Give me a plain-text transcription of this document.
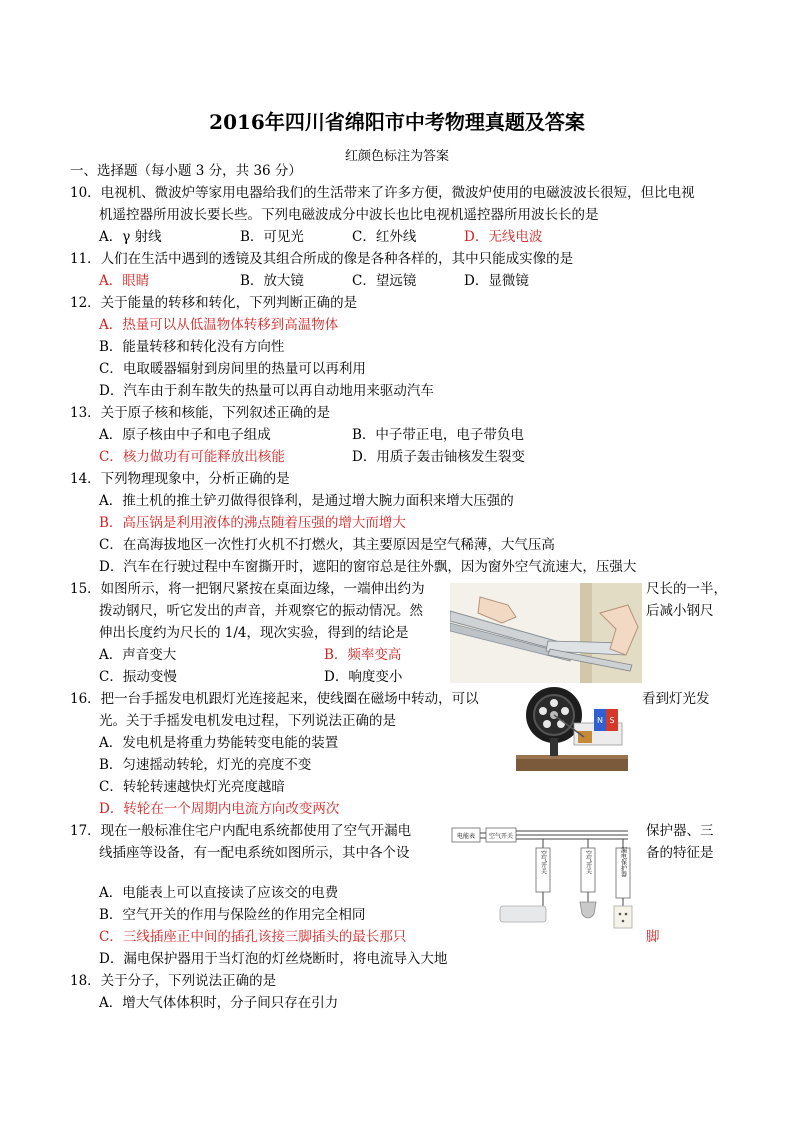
2016年四川省绵阳市中考物理真题及答案
红颜色标注为答案
一、选择题（每小题 3 分，共 36 分）
10．电视机、微波炉等家用电器给我们的生活带来了许多方便，微波炉使用的电磁波波长很短，但比电视
机遥控器所用波长要长些。下列电磁波成分中波长也比电视机遥控器所用波长长的是
A．γ 射线	B．可见光	C．红外线	D．无线电波
11．人们在生活中遇到的透镜及其组合所成的像是各种各样的，其中只能成实像的是
A．眼睛	B．放大镜	C．望远镜	D．显微镜
12．关于能量的转移和转化，下列判断正确的是
A．热量可以从低温物体转移到高温物体
B．能量转移和转化没有方向性
C．电取暖器辐射到房间里的热量可以再利用
D．汽车由于刹车散失的热量可以再自动地用来驱动汽车
13．关于原子核和核能，下列叙述正确的是
A．原子核由中子和电子组成	B．中子带正电，电子带负电
C．核力做功有可能释放出核能	D．用质子轰击铀核发生裂变
14．下列物理现象中，分析正确的是
A．推土机的推土铲刃做得很锋利，是通过增大腕力面积来增大压强的
B．高压锅是利用液体的沸点随着压强的增大而增大
C．在高海拔地区一次性打火机不打燃火，其主要原因是空气稀薄，大气压高
D．汽车在行驶过程中车窗撕开时，遮阳的窗帘总是往外飘，因为窗外空气流速大，压强大
15．如图所示，将一把钢尺紧按在桌面边缘，一端伸出约为	尺长的一半，
拨动钢尺，听它发出的声音，并观察它的振动情况。然	后减小钢尺
伸出长度约为尺长的 1/4，现次实验，得到的结论是
A．声音变大	B．频率变高
C．振动变慢	D．响度变小
16．把一台手摇发电机跟灯光连接起来，使线圈在磁场中转动，可以	看到灯光发
光。关于手摇发电机发电过程，下列说法正确的是
A．发电机是将重力势能转变电能的装置
B．匀速摇动转轮，灯光的亮度不变
C．转轮转速越快灯光亮度越暗
D．转轮在一个周期内电流方向改变两次
N S
17．现在一般标准住宅户内配电系统都使用了空气开漏电	保护器、三
线插座等设备，有一配电系统如图所示，其中各个设	备的特征是
A．电能表上可以直接读了应该交的电费
B．空气开关的作用与保险丝的作用完全相同
C．三线插座正中间的插孔该接三脚插头的最长那只	脚
D．漏电保护器用于当灯泡的灯丝烧断时，将电流导入大地
电能表 空气开关
空气开关	空气开关	漏电保护器
18．关于分子，下列说法正确的是
A．增大气体体积时，分子间只存在引力
